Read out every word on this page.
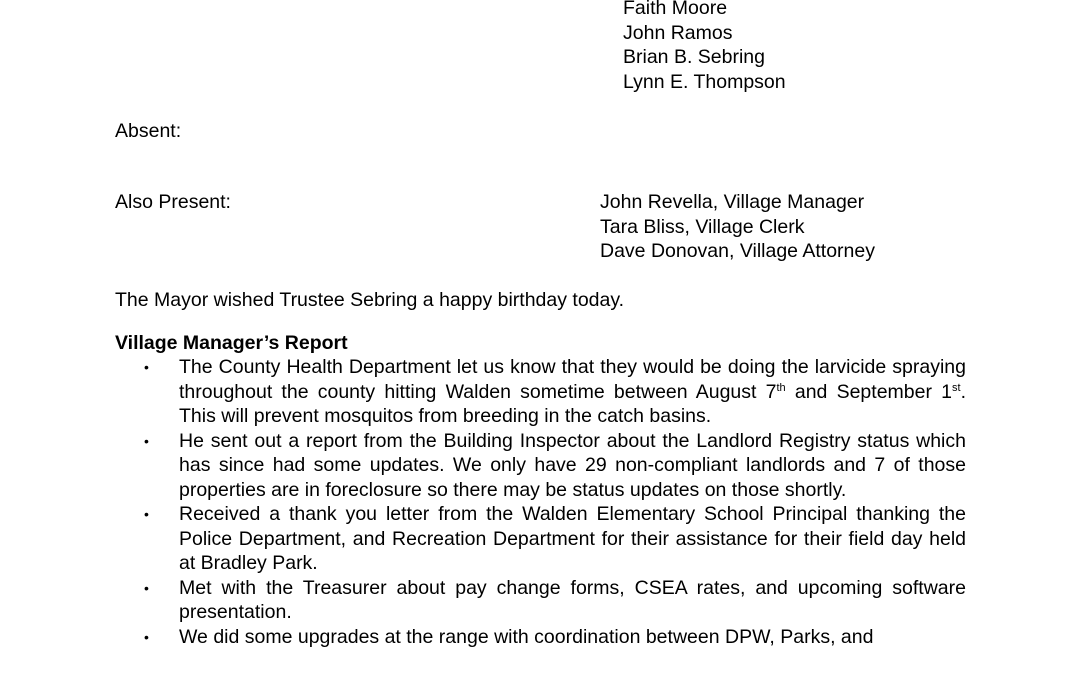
Faith Moore
John Ramos
Brian B. Sebring
Lynn E. Thompson
Absent:
Also Present:	John Revella, Village Manager
Tara Bliss, Village Clerk
Dave Donovan, Village Attorney
The Mayor wished Trustee Sebring a happy birthday today.
Village Manager’s Report
• The County Health Department let us know that they would be doing the larvicide spraying throughout the county hitting Walden sometime between August 7th and September 1st. This will prevent mosquitos from breeding in the catch basins.
• He sent out a report from the Building Inspector about the Landlord Registry status which has since had some updates. We only have 29 non-compliant landlords and 7 of those properties are in foreclosure so there may be status updates on those shortly.
• Received a thank you letter from the Walden Elementary School Principal thanking the Police Department, and Recreation Department for their assistance for their field day held at Bradley Park.
• Met with the Treasurer about pay change forms, CSEA rates, and upcoming software presentation.
• We did some upgrades at the range with coordination between DPW, Parks, and
